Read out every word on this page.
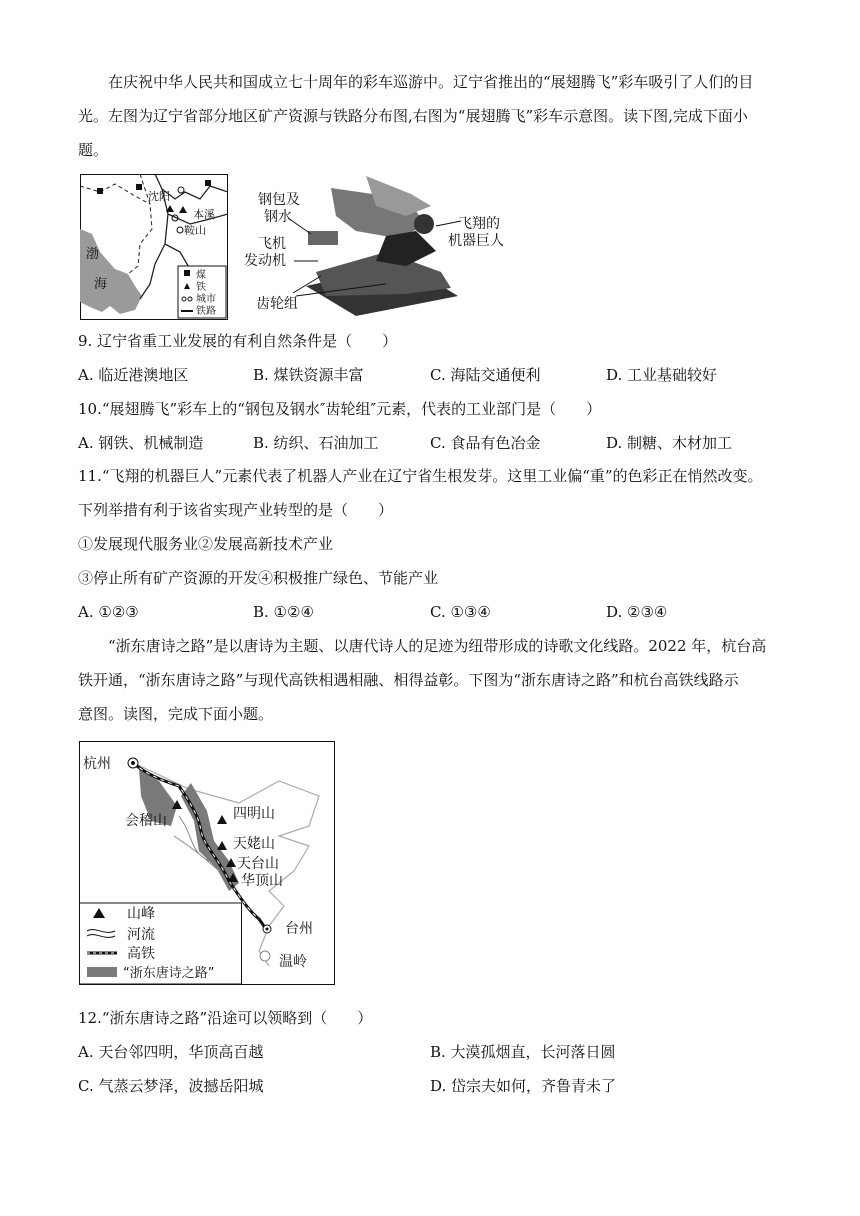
在庆祝中华人民共和国成立七十周年的彩车巡游中。辽宁省推出的“展翅腾飞”彩车吸引了人们的目
光。左图为辽宁省部分地区矿产资源与铁路分布图,右图为“展翅腾飞”彩车示意图。读下图,完成下面小
题。
沈阳
本溪
鞍山
渤
海
煤
铁
城市
铁路
钢包及
钢水
飞机
发动机
齿轮组
飞翔的
机器巨人
9. 辽宁省重工业发展的有利自然条件是（　　）
A. 临近港澳地区	B. 煤铁资源丰富	C. 海陆交通便利	D. 工业基础较好
10.“展翅腾飞”彩车上的“钢包及钢水″齿轮组″元素，代表的工业部门是（　　）
A. 钢铁、机械制造	B. 纺织、石油加工	C. 食品有色冶金	D. 制糖、木材加工
11.“飞翔的机器巨人”元素代表了机器人产业在辽宁省生根发芽。这里工业偏“重”的色彩正在悄然改变。
下列举措有利于该省实现产业转型的是（　　）
①发展现代服务业②发展高新技术产业
③停止所有矿产资源的开发④积极推广绿色、节能产业
A. ①②③	B. ①②④	C. ①③④	D. ②③④
“浙东唐诗之路”是以唐诗为主题、以唐代诗人的足迹为纽带形成的诗歌文化线路。2022 年，杭台高
铁开通，“浙东唐诗之路”与现代高铁相遇相融、相得益彰。下图为“浙东唐诗之路”和杭台高铁线路示
意图。读图，完成下面小题。
杭州
会稽山	四明山
天姥山
天台山
华顶山
台州
温岭
山峰
河流
高铁
“浙东唐诗之路”
12.“浙东唐诗之路”沿途可以领略到（　　）
A. 天台邻四明，华顶高百越	B. 大漠孤烟直，长河落日圆
C. 气蒸云梦泽，波撼岳阳城	D. 岱宗夫如何，齐鲁青未了
